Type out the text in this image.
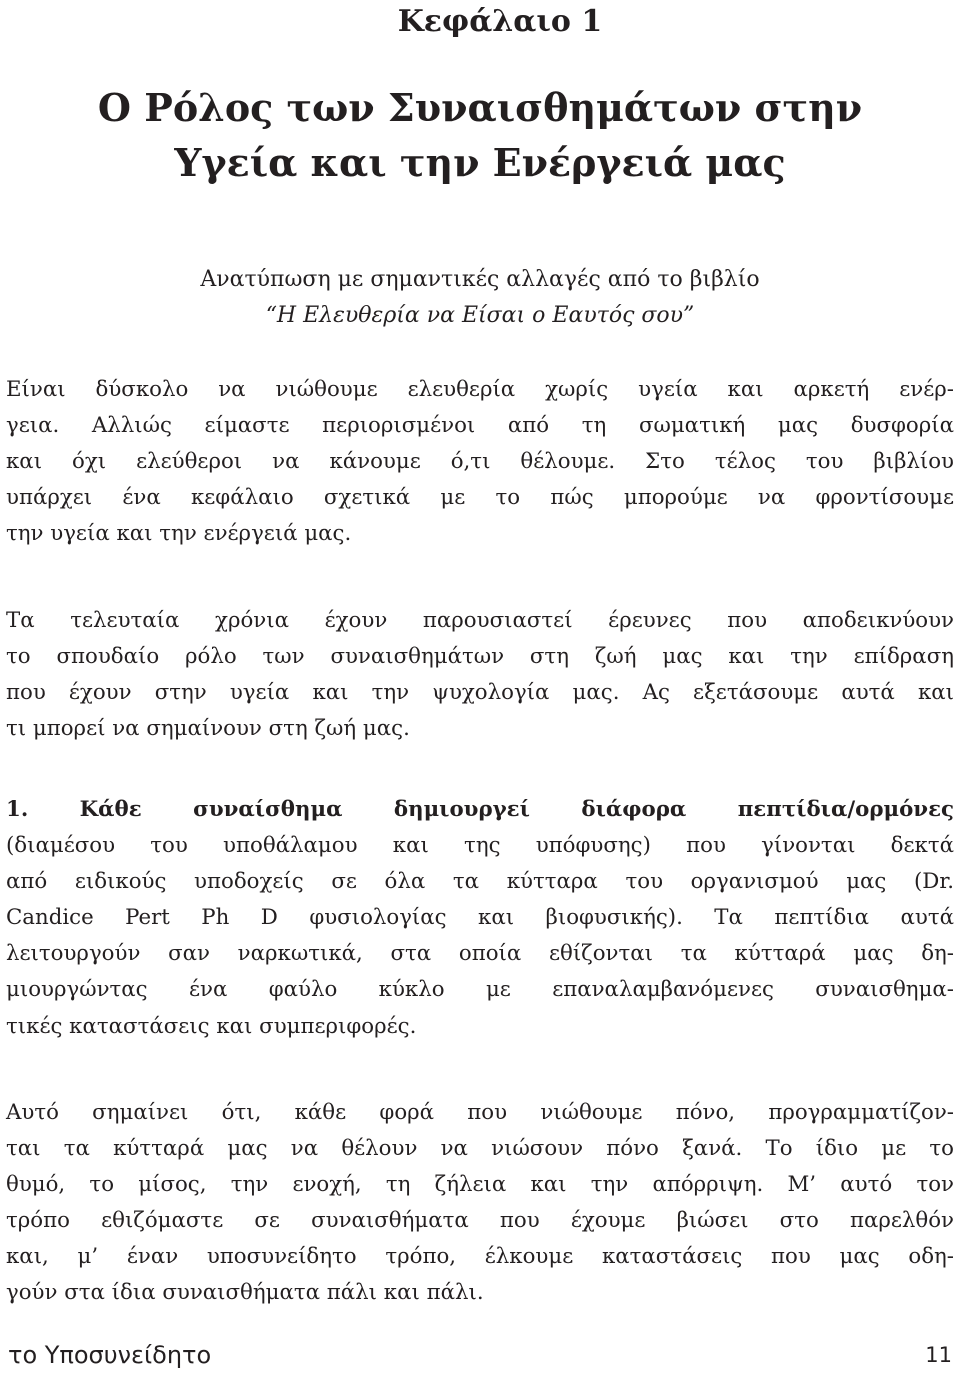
Κεφάλαιο 1
Ο Ρόλος των Συναισθημάτων στην
Υγεία και την Ενέργειά μας
Ανατύπωση με σημαντικές αλλαγές από το βιβλίο
“Η Ελευθερία να Είσαι ο Εαυτός σου”
Είναι δύσκολο να νιώθουμε ελευθερία χωρίς υγεία και αρκετή ενέρ-
γεια. Αλλιώς είμαστε περιορισμένοι από τη σωματική μας δυσφορία
και όχι ελεύθεροι να κάνουμε ό,τι θέλουμε. Στο τέλος του βιβλίου
υπάρχει ένα κεφάλαιο σχετικά με το πώς μπορούμε να φροντίσουμε
την υγεία και την ενέργειά μας.
Τα τελευταία χρόνια έχουν παρουσιαστεί έρευνες που αποδεικνύουν
το σπουδαίο ρόλο των συναισθημάτων στη ζωή μας και την επίδραση
που έχουν στην υγεία και την ψυχολογία μας. Ας εξετάσουμε αυτά και
τι μπορεί να σημαίνουν στη ζωή μας.
1. Κάθε συναίσθημα δημιουργεί διάφορα πεπτίδια/ορμόνες
(διαμέσου του υποθάλαμου και της υπόφυσης) που γίνονται δεκτά
από ειδικούς υποδοχείς σε όλα τα κύτταρα του οργανισμού μας (Dr.
Candice Pert Ph D φυσιολογίας και βιοφυσικής). Τα πεπτίδια αυτά
λειτουργούν σαν ναρκωτικά, στα οποία εθίζονται τα κύτταρά μας δη-
μιουργώντας ένα φαύλο κύκλο με επαναλαμβανόμενες συναισθημα-
τικές καταστάσεις και συμπεριφορές.
Αυτό σημαίνει ότι, κάθε φορά που νιώθουμε πόνο, προγραμματίζον-
ται τα κύτταρά μας να θέλουν να νιώσουν πόνο ξανά. Το ίδιο με το
θυμό, το μίσος, την ενοχή, τη ζήλεια και την απόρριψη. Μ’ αυτό τον
τρόπο εθιζόμαστε σε συναισθήματα που έχουμε βιώσει στο παρελθόν
και, μ’ έναν υποσυνείδητο τρόπο, έλκουμε καταστάσεις που μας οδη-
γούν στα ίδια συναισθήματα πάλι και πάλι.
το Υποσυνείδητο	11
